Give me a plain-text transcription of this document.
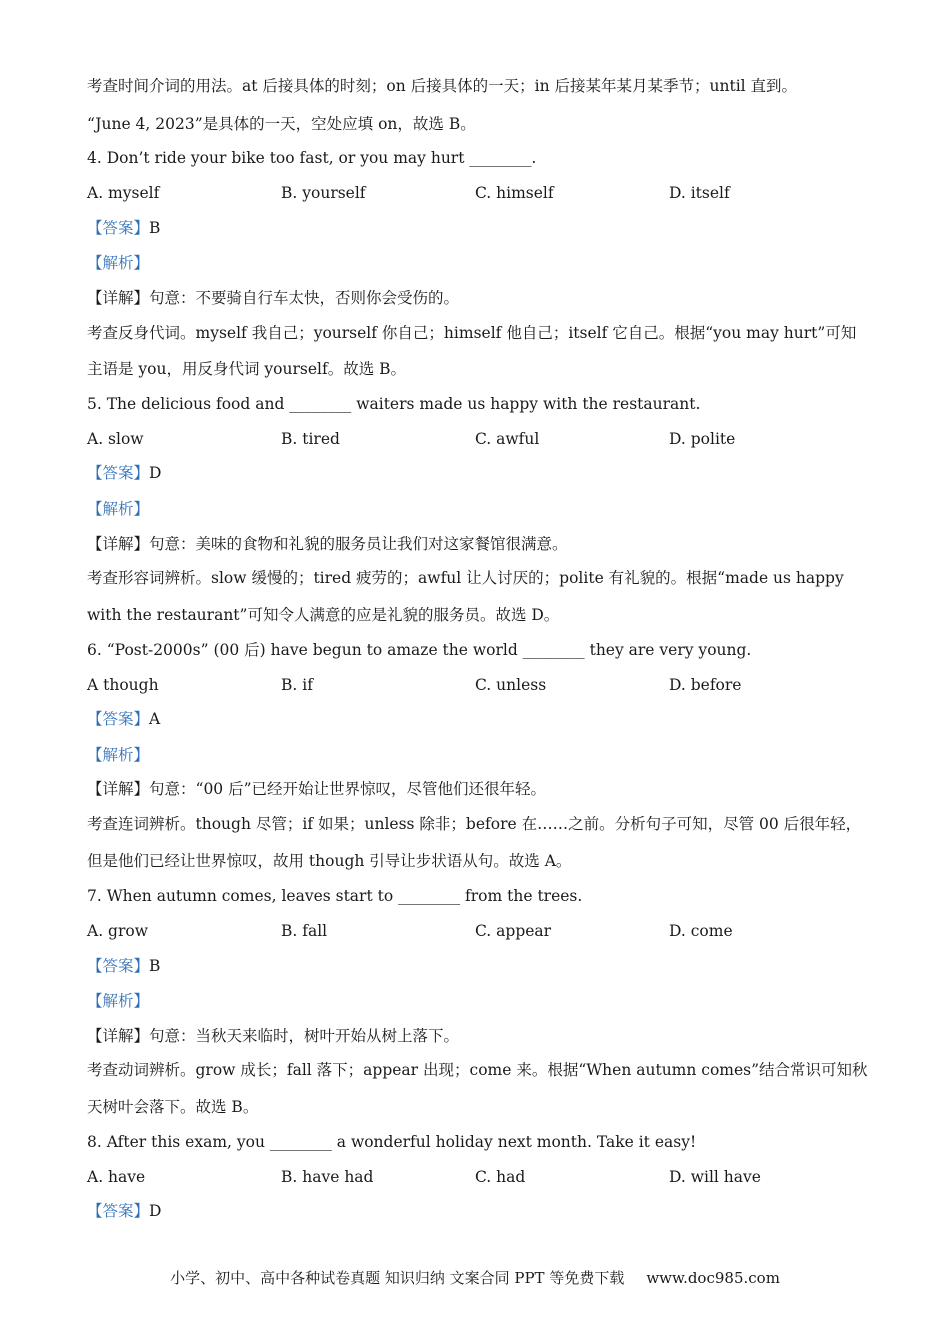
考查时间介词的用法。at 后接具体的时刻；on 后接具体的一天；in 后接某年某月某季节；until 直到。
“June 4, 2023”是具体的一天，空处应填 on，故选 B。
4. Don’t ride your bike too fast, or you may hurt ________.
A. myself	B. yourself	C. himself	D. itself
【答案】B
【解析】
【详解】句意：不要骑自行车太快，否则你会受伤的。
考查反身代词。myself 我自己；yourself 你自己；himself 他自己；itself 它自己。根据“you may hurt”可知
主语是 you，用反身代词 yourself。故选 B。
5. The delicious food and ________ waiters made us happy with the restaurant.
A. slow	B. tired	C. awful	D. polite
【答案】D
【解析】
【详解】句意：美味的食物和礼貌的服务员让我们对这家餐馆很满意。
考查形容词辨析。slow 缓慢的；tired 疲劳的；awful 让人讨厌的；polite 有礼貌的。根据“made us happy
with the restaurant”可知令人满意的应是礼貌的服务员。故选 D。
6. “Post-2000s” (00 后) have begun to amaze the world ________ they are very young.
A though	B. if	C. unless	D. before
【答案】A
【解析】
【详解】句意：“00 后”已经开始让世界惊叹，尽管他们还很年轻。
考查连词辨析。though 尽管；if 如果；unless 除非；before 在……之前。分析句子可知，尽管 00 后很年轻，
但是他们已经让世界惊叹，故用 though 引导让步状语从句。故选 A。
7. When autumn comes, leaves start to ________ from the trees.
A. grow	B. fall	C. appear	D. come
【答案】B
【解析】
【详解】句意：当秋天来临时，树叶开始从树上落下。
考查动词辨析。grow 成长；fall 落下；appear 出现；come 来。根据“When autumn comes”结合常识可知秋
天树叶会落下。故选 B。
8. After this exam, you ________ a wonderful holiday next month. Take it easy!
A. have	B. have had	C. had	D. will have
【答案】D
小学、初中、高中各种试卷真题 知识归纳 文案合同 PPT 等免费下载 www.doc985.com
